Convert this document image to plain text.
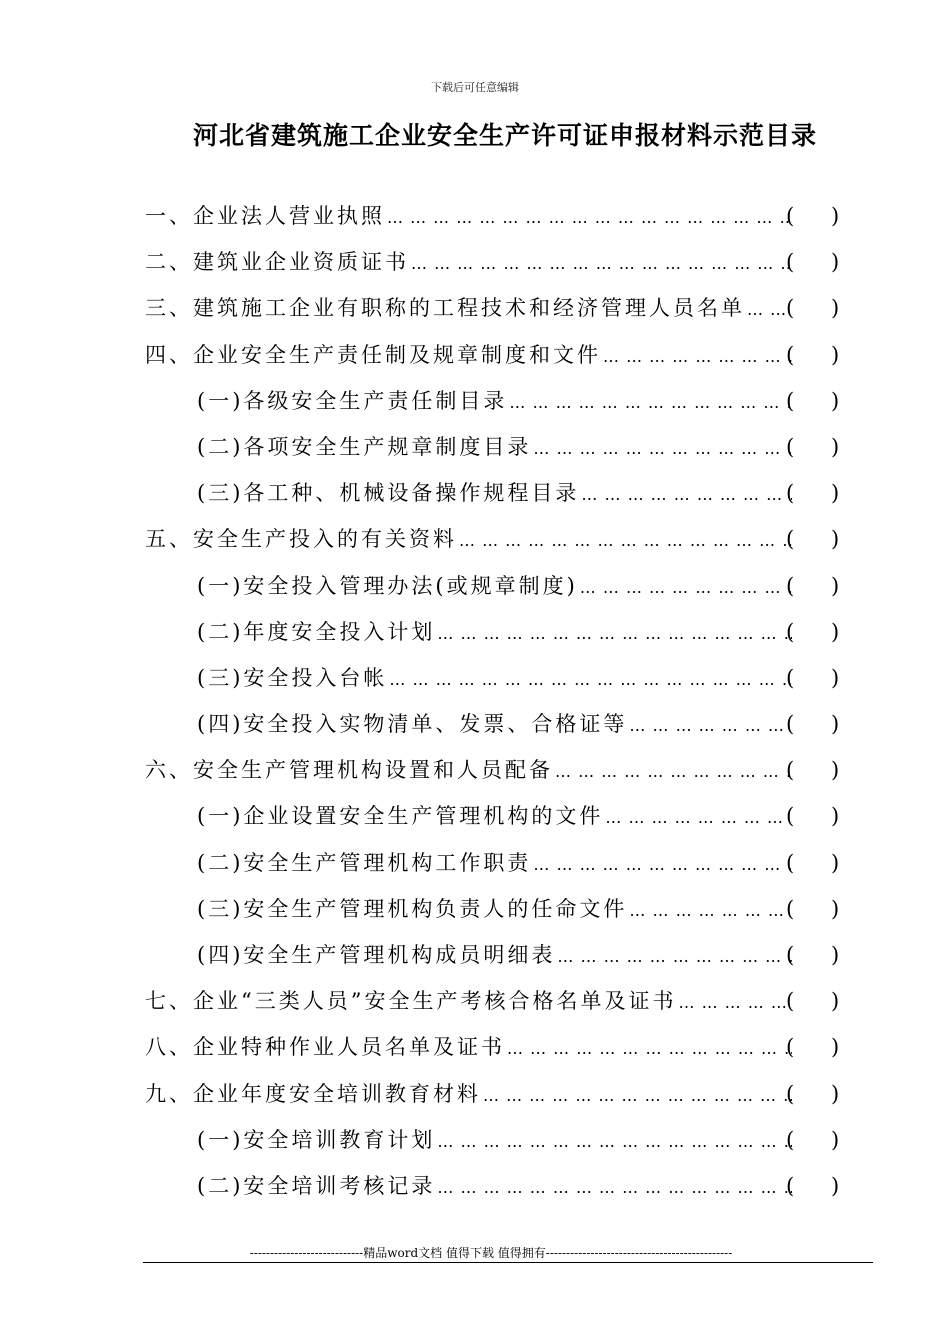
下载后可任意编辑
河北省建筑施工企业安全生产许可证申报材料示范目录
一、企业法人营业执照 … … … … … … … … … … … … … … … … … … … … … … … … … … … … … … … … … …	( )
二、建筑业企业资质证书 … … … … … … … … … … … … … … … … … … … … … … … … … … … … … … … … … …	( )
三、建筑施工企业有职称的工程技术和经济管理人员名单 … … … … … … … … … … … … … … … … … … … … … … … … … … … … … … … … … … ( )
四、企业安全生产责任制及规章制度和文件 … … … … … … … … … … … … … … … … … … … … … … … … … … … … … … … … … …	( )
(一)各级安全生产责任制目录 … … … … … … … … … … … … … … … … … … … … … … … … … … … … … … … … … …	( )
(二)各项安全生产规章制度目录 … … … … … … … … … … … … … … … … … … … … … … … … … … … … … … … … … …	( )
(三)各工种、机械设备操作规程目录 … … … … … … … … … … … … … … … … … … … … … … … … … … … … … … … … … …	( )
五、安全生产投入的有关资料 … … … … … … … … … … … … … … … … … … … … … … … … … … … … … … … … … …	( )
(一)安全投入管理办法(或规章制度) … … … … … … … … … … … … … … … … … … … … … … … … … … … … … … … … … …	( )
(二)年度安全投入计划 … … … … … … … … … … … … … … … … … … … … … … … … … … … … … … … … … …	( )
(三)安全投入台帐 … … … … … … … … … … … … … … … … … … … … … … … … … … … … … … … … … …	( )
(四)安全投入实物清单、发票、合格证等 … … … … … … … … … … … … … … … … … … … … … … … … … … … … … … … … … …	( )
六、安全生产管理机构设置和人员配备 … … … … … … … … … … … … … … … … … … … … … … … … … … … … … … … … … …	( )
(一)企业设置安全生产管理机构的文件 … … … … … … … … … … … … … … … … … … … … … … … … … … … … … … … … … …	( )
(二)安全生产管理机构工作职责 … … … … … … … … … … … … … … … … … … … … … … … … … … … … … … … … … …	( )
(三)安全生产管理机构负责人的任命文件 … … … … … … … … … … … … … … … … … … … … … … … … … … … … … … … … … …	( )
(四)安全生产管理机构成员明细表 … … … … … … … … … … … … … … … … … … … … … … … … … … … … … … … … … …	( )
七、企业“三类人员”安全生产考核合格名单及证书 … … … … … … … … … … … … … … … … … … … … … … … … … … … … … … … … … …	( )
八、企业特种作业人员名单及证书 … … … … … … … … … … … … … … … … … … … … … … … … … … … … … … … … … …	( )
九、企业年度安全培训教育材料 … … … … … … … … … … … … … … … … … … … … … … … … … … … … … … … … … …	( )
(一)安全培训教育计划 … … … … … … … … … … … … … … … … … … … … … … … … … … … … … … … … … …	( )
(二)安全培训考核记录 … … … … … … … … … … … … … … … … … … … … … … … … … … … … … … … … … …	( )
----------------------------精品word文档 值得下载 值得拥有----------------------------------------------
